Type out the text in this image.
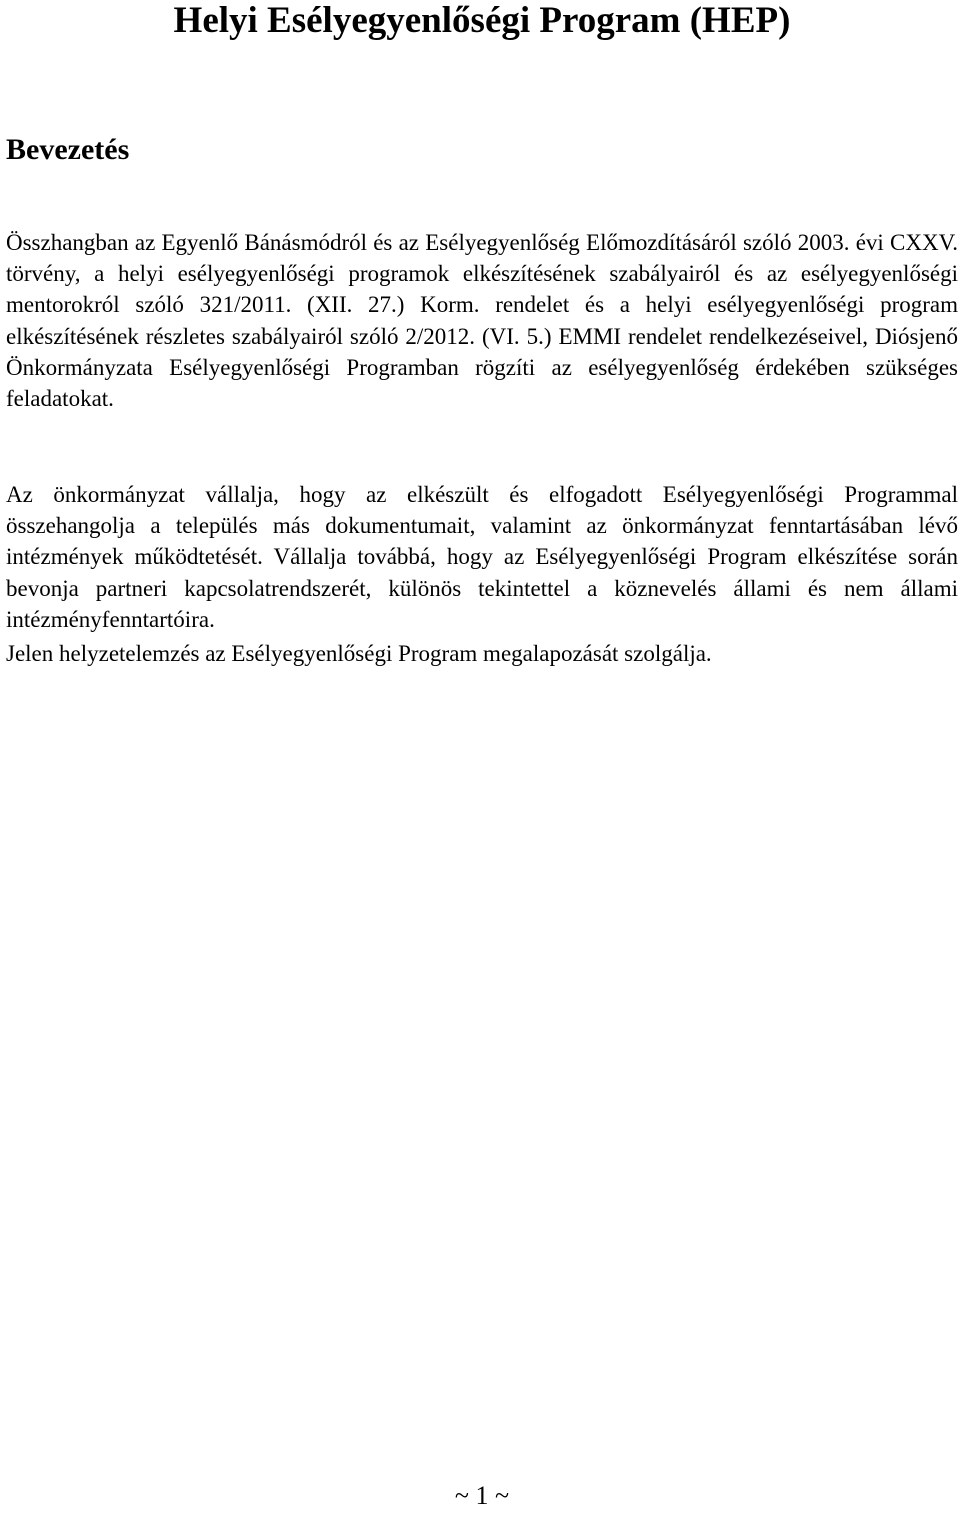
Helyi Esélyegyenlőségi Program (HEP)
Bevezetés

Összhangban az Egyenlő Bánásmódról és az Esélyegyenlőség Előmozdításáról szóló 2003. évi CXXV. törvény, a helyi esélyegyenlőségi programok elkészítésének szabályairól és az esélyegyenlőségi mentorokról szóló 321/2011. (XII. 27.) Korm. rendelet és a helyi esélyegyenlőségi program elkészítésének részletes szabályairól szóló 2/2012. (VI. 5.) EMMI rendelet rendelkezéseivel, Diósjenő Önkormányzata Esélyegyenlőségi Programban rögzíti az esélyegyenlőség érdekében szükséges feladatokat.

Az önkormányzat vállalja, hogy az elkészült és elfogadott Esélyegyenlőségi Programmal összehangolja a település más dokumentumait, valamint az önkormányzat fenntartásában lévő intézmények működtetését. Vállalja továbbá, hogy az Esélyegyenlőségi Program elkészítése során bevonja partneri kapcsolatrendszerét, különös tekintettel a köznevelés állami és nem állami intézményfenntartóira.

Jelen helyzetelemzés az Esélyegyenlőségi Program megalapozását szolgálja.

~ 1 ~
